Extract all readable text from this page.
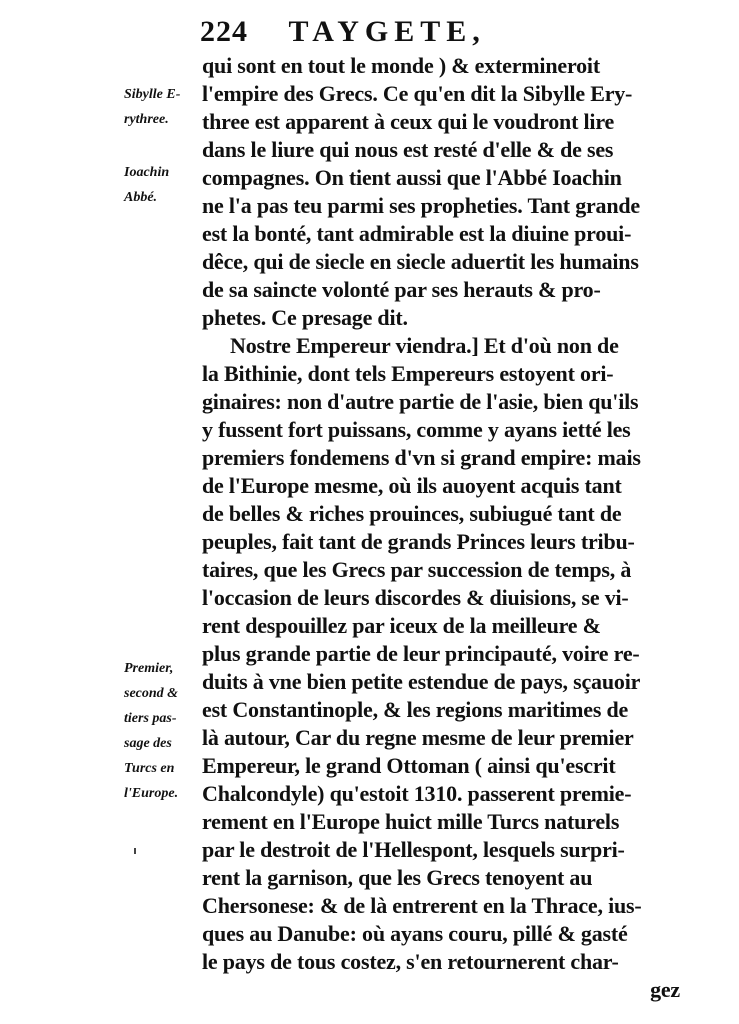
224 TAYGETE,
qui sont en tout le monde ) & extermineroit
l'empire des Grecs. Ce qu'en dit la Sibylle Ery-
three est apparent à ceux qui le voudront lire
dans le liure qui nous est resté d'elle & de ses
compagnes. On tient aussi que l'Abbé Ioachin
ne l'a pas teu parmi ses propheties. Tant grande
est la bonté, tant admirable est la diuine proui-
dêce, qui de siecle en siecle aduertit les humains
de sa saincte volonté par ses herauts & pro-
phetes. Ce presage dit.
Nostre Empereur viendra.] Et d'où non de
la Bithinie, dont tels Empereurs estoyent ori-
ginaires: non d'autre partie de l'asie, bien qu'ils
y fussent fort puissans, comme y ayans ietté les
premiers fondemens d'vn si grand empire: mais
de l'Europe mesme, où ils auoyent acquis tant
de belles & riches prouinces, subiugué tant de
peuples, fait tant de grands Princes leurs tribu-
taires, que les Grecs par succession de temps, à
l'occasion de leurs discordes & diuisions, se vi-
rent despouillez par iceux de la meilleure &
plus grande partie de leur principauté, voire re-
duits à vne bien petite estendue de pays, sçauoir
est Constantinople, & les regions maritimes de
là autour, Car du regne mesme de leur premier
Empereur, le grand Ottoman ( ainsi qu'escrit
Chalcondyle) qu'estoit 1310. passerent premie-
rement en l'Europe huict mille Turcs naturels
par le destroit de l'Hellespont, lesquels surpri-
rent la garnison, que les Grecs tenoyent au
Chersonese: & de là entrerent en la Thrace, ius-
ques au Danube: où ayans couru, pillé & gasté
le pays de tous costez, s'en retournerent char-
gez
Sibylle E-
rythree.
Ioachin
Abbé.
Premier,
second &
tiers pas-
sage des
Turcs en
l'Europe.
